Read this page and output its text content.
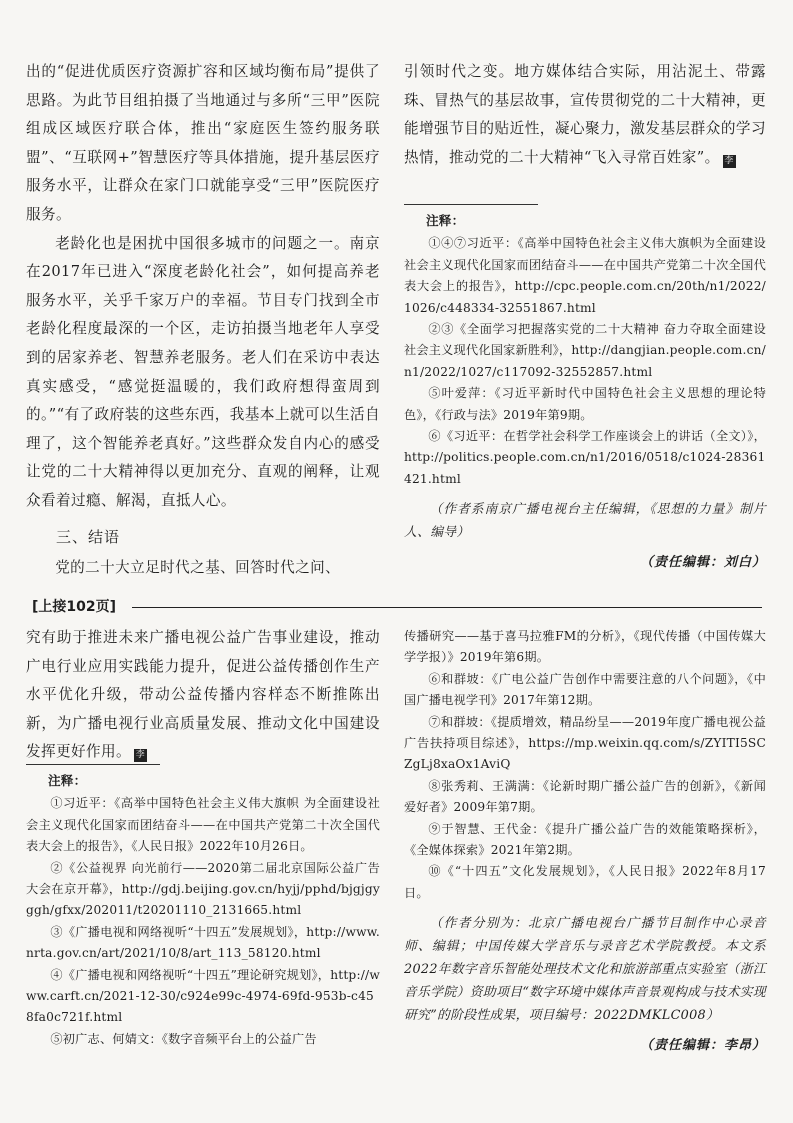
出的“促进优质医疗资源扩容和区域均衡布局”提供了思路。为此节目组拍摄了当地通过与多所“三甲”医院组成区域医疗联合体，推出“家庭医生签约服务联盟”、“互联网+”智慧医疗等具体措施，提升基层医疗服务水平，让群众在家门口就能享受“三甲”医院医疗服务。

老龄化也是困扰中国很多城市的问题之一。南京在2017年已进入“深度老龄化社会”，如何提高养老服务水平，关乎千家万户的幸福。节目专门找到全市老龄化程度最深的一个区，走访拍摄当地老年人享受到的居家养老、智慧养老服务。老人们在采访中表达真实感受，“感觉挺温暖的，我们政府想得蛮周到的。”“有了政府装的这些东西，我基本上就可以生活自理了，这个智能养老真好。”这些群众发自内心的感受让党的二十大精神得以更加充分、直观的阐释，让观众看着过瘾、解渴，直抵人心。

三、结语

党的二十大立足时代之基、回答时代之问、

引领时代之变。地方媒体结合实际，用沾泥土、带露珠、冒热气的基层故事，宣传贯彻党的二十大精神，更能增强节目的贴近性，凝心聚力，激发基层群众的学习热情，推动党的二十大精神“飞入寻常百姓家”。 李

注释：
①④⑦习近平：《高举中国特色社会主义伟大旗帜为全面建设社会主义现代化国家而团结奋斗——在中国共产党第二十次全国代表大会上的报告》，http://cpc.people.com.cn/20th/n1/2022/1026/c448334-32551867.html
②③《全面学习把握落实党的二十大精神 奋力夺取全面建设社会主义现代化国家新胜利》，http://dangjian.people.com.cn/n1/2022/1027/c117092-32552857.html
⑤叶爱萍：《习近平新时代中国特色社会主义思想的理论特色》，《行政与法》2019年第9期。
⑥《习近平：在哲学社会科学工作座谈会上的讲话（全文）》，http://politics.people.com.cn/n1/2016/0518/c1024-28361421.html
（作者系南京广播电视台主任编辑，《思想的力量》制片人、编导）
（责任编辑：刘白）
[上接102页]

究有助于推进未来广播电视公益广告事业建设，推动广电行业应用实践能力提升，促进公益传播创作生产水平优化升级，带动公益传播内容样态不断推陈出新，为广播电视行业高质量发展、推动文化中国建设发挥更好作用。 李

注释：
①习近平：《高举中国特色社会主义伟大旗帜 为全面建设社会主义现代化国家而团结奋斗——在中国共产党第二十次全国代表大会上的报告》，《人民日报》2022年10月26日。
②《公益视界 向光前行——2020第二届北京国际公益广告大会在京开幕》，http://gdj.beijing.gov.cn/hyjj/pphd/bjgjgyggh/gfxx/202011/t20201110_2131665.html
③《广播电视和网络视听“十四五”发展规划》，http://www.nrta.gov.cn/art/2021/10/8/art_113_58120.html
④《广播电视和网络视听“十四五”理论研究规划》，http://www.carft.cn/2021-12-30/c924e99c-4974-69fd-953b-c458fa0c721f.html
⑤初广志、何婧文：《数字音频平台上的公益广告
传播研究——基于喜马拉雅FM的分析》，《现代传播（中国传媒大学学报）》2019年第6期。
⑥和群坡：《广电公益广告创作中需要注意的八个问题》，《中国广播电视学刊》2017年第12期。
⑦和群坡：《提质增效，精品纷呈——2019年度广播电视公益广告扶持项目综述》，https://mp.weixin.qq.com/s/ZYITI5SCZgLj8xaOx1AviQ
⑧张秀莉、王满满：《论新时期广播公益广告的创新》，《新闻爱好者》2009年第7期。
⑨于智慧、王代金：《提升广播公益广告的效能策略探析》，《全媒体探索》2021年第2期。
⑩《“十四五”文化发展规划》，《人民日报》2022年8月17日。
（作者分别为：北京广播电视台广播节目制作中心录音师、编辑；中国传媒大学音乐与录音艺术学院教授。本文系2022年数字音乐智能处理技术文化和旅游部重点实验室（浙江音乐学院）资助项目“数字环境中媒体声音景观构成与技术实现研究”的阶段性成果，项目编号：2022DMKLC008）
（责任编辑：李昂）
